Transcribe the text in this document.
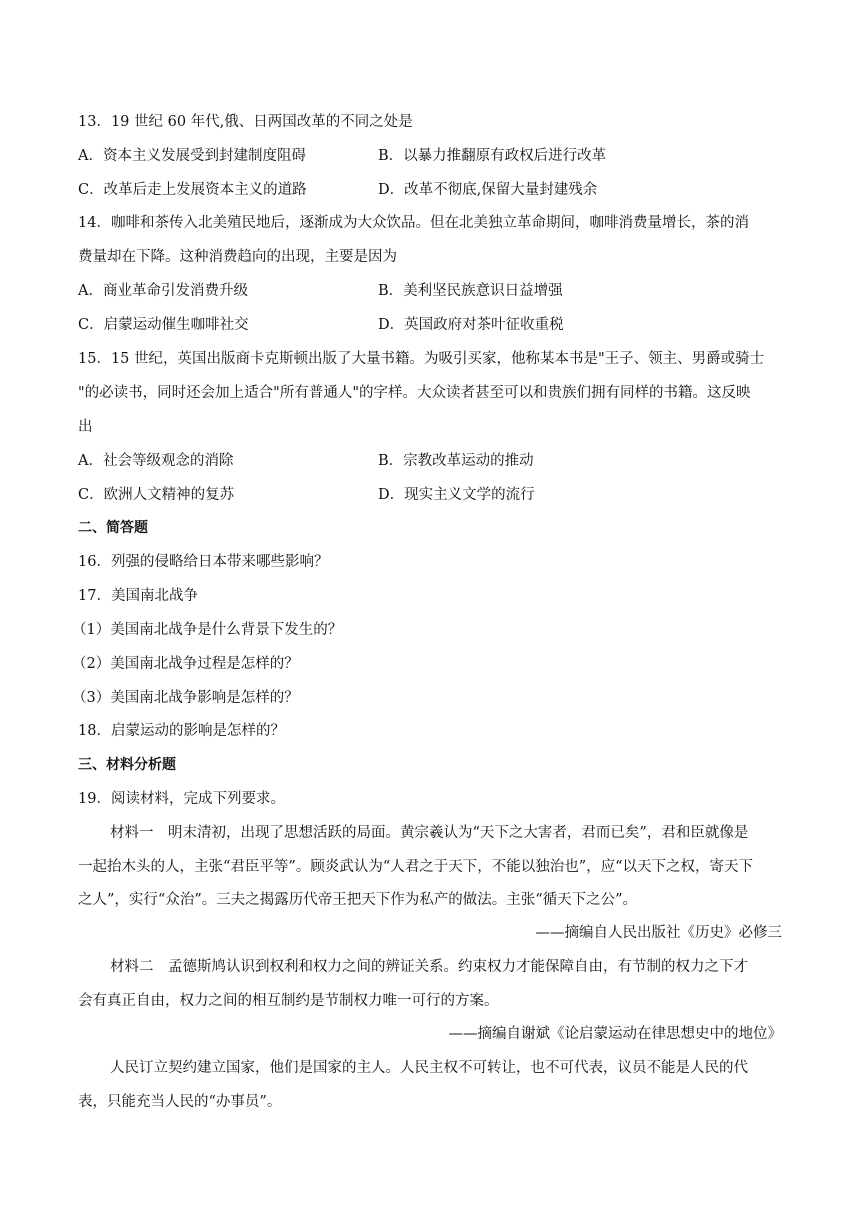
13．19 世纪 60 年代,俄、日两国改革的不同之处是
A．资本主义发展受到封建制度阻碍	B．以暴力推翻原有政权后进行改革
C．改革后走上发展资本主义的道路	D．改革不彻底,保留大量封建残余
14．咖啡和茶传入北美殖民地后，逐渐成为大众饮品。但在北美独立革命期间，咖啡消费量增长，茶的消
费量却在下降。这种消费趋向的出现，主要是因为
A．商业革命引发消费升级	B．美利坚民族意识日益增强
C．启蒙运动催生咖啡社交	D．英国政府对茶叶征收重税
15．15 世纪，英国出版商卡克斯顿出版了大量书籍。为吸引买家，他称某本书是"王子、领主、男爵或骑士
"的必读书，同时还会加上适合"所有普通人"的字样。大众读者甚至可以和贵族们拥有同样的书籍。这反映
出
A．社会等级观念的消除	B．宗教改革运动的推动
C．欧洲人文精神的复苏	D．现实主义文学的流行
二、简答题
16．列强的侵略给日本带来哪些影响？
17．美国南北战争
（1）美国南北战争是什么背景下发生的？
（2）美国南北战争过程是怎样的？
（3）美国南北战争影响是怎样的？
18．启蒙运动的影响是怎样的？
三、材料分析题
19．阅读材料，完成下列要求。
材料一　明末清初，出现了思想活跃的局面。黄宗羲认为“天下之大害者，君而已矣”，君和臣就像是
一起抬木头的人，主张“君臣平等”。顾炎武认为“人君之于天下，不能以独治也”，应“以天下之权，寄天下
之人”，实行“众治”。三夫之揭露历代帝王把天下作为私产的做法。主张“循天下之公”。
——摘编自人民出版社《历史》必修三
材料二　孟德斯鸠认识到权利和权力之间的辨证关系。约束权力才能保障自由，有节制的权力之下才
会有真正自由，权力之间的相互制约是节制权力唯一可行的方案。
——摘编自谢斌《论启蒙运动在律思想史中的地位》
人民订立契约建立国家，他们是国家的主人。人民主权不可转让，也不可代表，议员不能是人民的代
表，只能充当人民的“办事员”。
